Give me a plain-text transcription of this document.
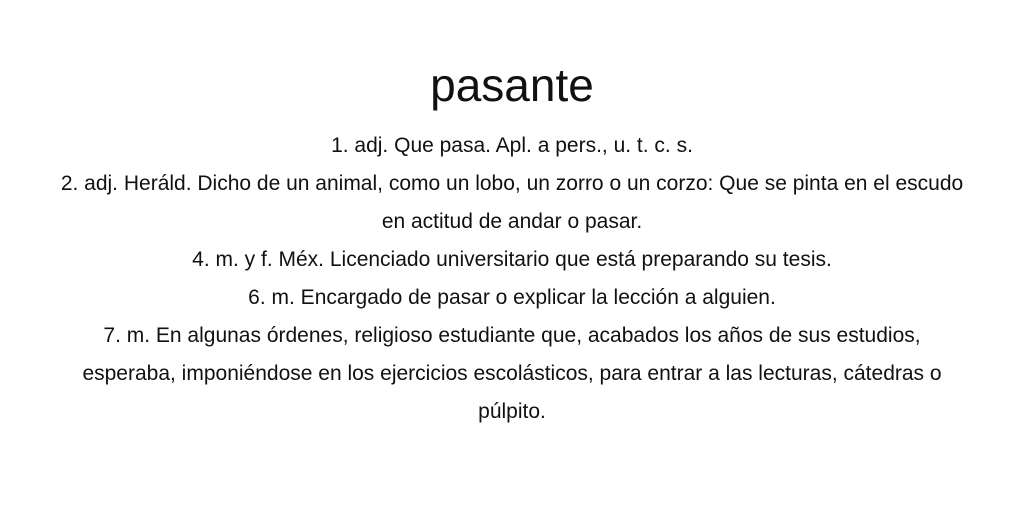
pasante
1. adj. Que pasa. Apl. a pers., u. t. c. s.
2. adj. Heráld. Dicho de un animal, como un lobo, un zorro o un corzo: Que se pinta en el escudo en actitud de andar o pasar.
4. m. y f. Méx. Licenciado universitario que está preparando su tesis.
6. m. Encargado de pasar o explicar la lección a alguien.
7. m. En algunas órdenes, religioso estudiante que, acabados los años de sus estudios, esperaba, imponiéndose en los ejercicios escolásticos, para entrar a las lecturas, cátedras o púlpito.
